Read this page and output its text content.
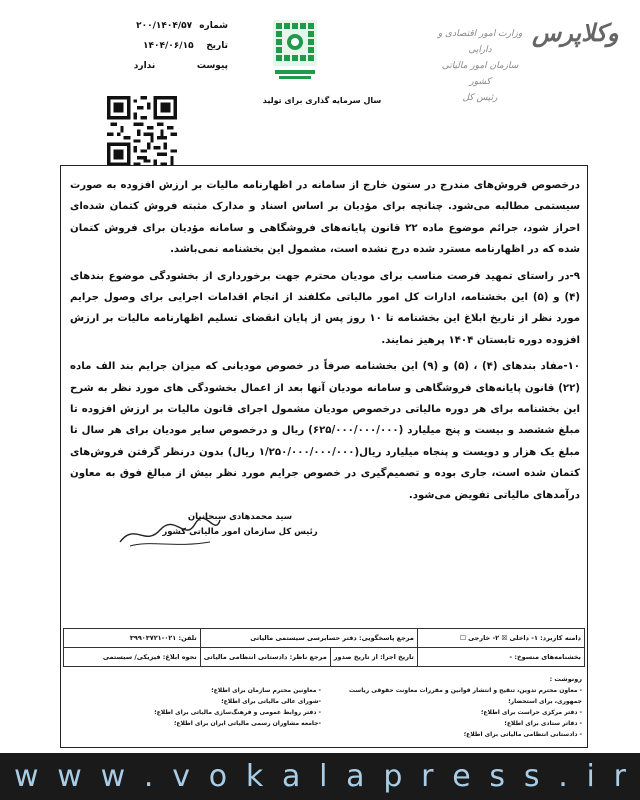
شماره ۲۰۰/۱۴۰۴/۵۷
تاریخ ۱۴۰۴/۰۶/۱۵
پیوست ندارد
سال سرمایه گذاری برای تولید
وکلاپرس
وزارت امور اقتصادی و دارایی
سازمان امور مالیاتی کشور
رئیس کل

درخصوص فروش‌های مندرج در ستون خارج از سامانه در اظهارنامه مالیات بر ارزش افزوده به صورت سیستمی مطالبه می‌شود. چنانچه برای مؤدیان بر اساس اسناد و مدارک مثبته فروش کتمان شده‌ای احراز شود، جرائم موضوع ماده ۲۲ قانون پایانه‌های فروشگاهی و سامانه مؤدیان برای فروش کتمان شده که در اظهارنامه مسترد شده درج نشده است، مشمول این بخشنامه نمی‌باشد.

۹-در راستای تمهید فرصت مناسب برای مودیان محترم جهت برخورداری از بخشودگی موضوع بندهای (۴) و (۵) این بخشنامه، ادارات کل امور مالیاتی مکلفند از انجام اقدامات اجرایی برای وصول جرایم مورد نظر از تاریخ ابلاغ این بخشنامه تا ۱۰ روز پس از پایان انقضای تسلیم اظهارنامه مالیات بر ارزش افزوده دوره تابستان ۱۴۰۴ پرهیز نمایند.

۱۰-مفاد بندهای (۴) ، (۵) و (۹) این بخشنامه صرفاً در خصوص مودیانی که میزان جرایم بند الف ماده (۲۲) قانون پایانه‌های فروشگاهی و سامانه مودیان آنها بعد از اعمال بخشودگی های مورد نظر به شرح این بخشنامه برای هر دوره مالیاتی درخصوص مودیان مشمول اجرای قانون مالیات بر ارزش افزوده تا مبلغ ششصد و بیست و پنج میلیارد (۶۲۵/۰۰۰/۰۰۰/۰۰۰) ریال و درخصوص سایر مودیان برای هر سال تا مبلغ یک هزار و دویست و پنجاه میلیارد ریال(۱/۲۵۰/۰۰۰/۰۰۰/۰۰۰ ریال) بدون درنظر گرفتن فروش‌های کتمان شده است، جاری بوده و تصمیم‌گیری در خصوص جرایم مورد نظر بیش از مبالغ فوق به معاون درآمدهای مالیاتی تفویض می‌شود.

سید محمدهادی سبحانیان
رئیس کل سازمان امور مالیاتی کشور
دامنه کاربرد: ۱- داخلی ☒ ۲- خارجی ☐	مرجع پاسخگویی: دفتر حسابرسی سیستمی مالیاتی		تلفن: ۰۲۱-۳۹۹۰۳۷۲۱
بخشنامه‌های منسوخ: -	تاریخ اجرا: از تاریخ صدور	مرجع ناظر: دادستانی انتظامی مالیاتی	نحوه ابلاغ: فیزیکی/ سیستمی
رونوشت :
- معاون محترم تدوین، تنقیح و انتشار قوانین و مقررات معاونت حقوقی ریاست جمهوری، برای استحضار؛
- دفتر مرکزی حراست برای اطلاع؛
- دفاتر ستادی برای اطلاع؛
- دادستانی انتظامی مالیاتی برای اطلاع؛
- معاونین محترم سازمان برای اطلاع؛
-شورای عالی مالیاتی برای اطلاع؛
- دفتر روابط عمومی و فرهنگ‌سازی مالیاتی برای اطلاع؛
-جامعه مشاوران رسمی مالیاتی ایران برای اطلاع؛
w w w . v o k a l a p r e s s . i r
